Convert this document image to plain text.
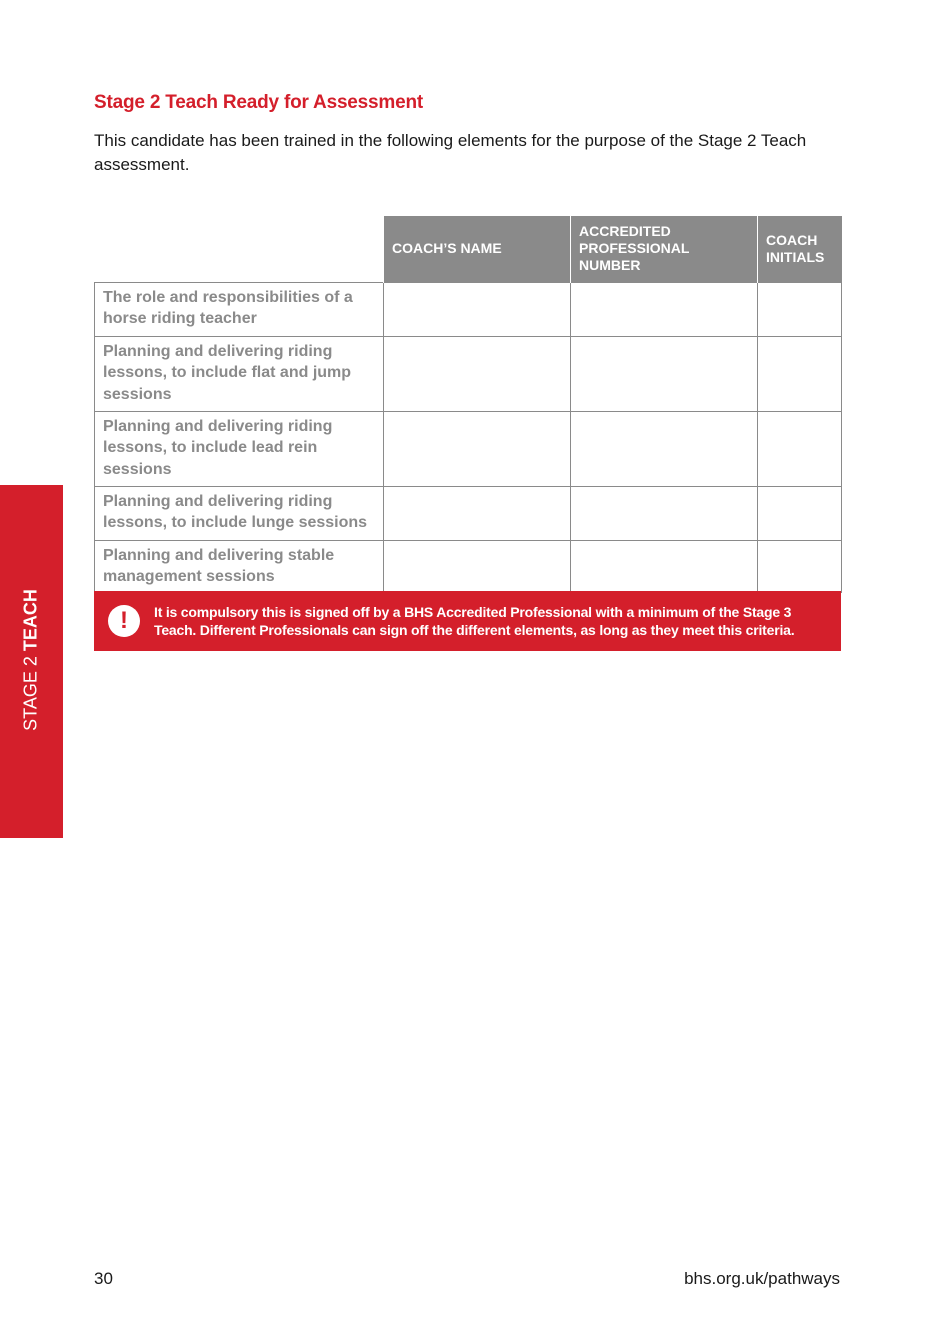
Stage 2 Teach Ready for Assessment

This candidate has been trained in the following elements for the purpose of the Stage 2 Teach assessment.

	COACH’S NAME	ACCREDITED PROFESSIONAL NUMBER	COACH INITIALS
The role and responsibilities of a horse riding teacher			
Planning and delivering riding lessons, to include flat and jump sessions			
Planning and delivering riding lessons, to include lead rein sessions			
Planning and delivering riding lessons, to include lunge sessions			
Planning and delivering stable management sessions			
!	It is compulsory this is signed off by a BHS Accredited Professional with a minimum of the Stage 3 Teach. Different Professionals can sign off the different elements, as long as they meet this criteria.
STAGE 2 TEACH
30	bhs.org.uk/pathways
